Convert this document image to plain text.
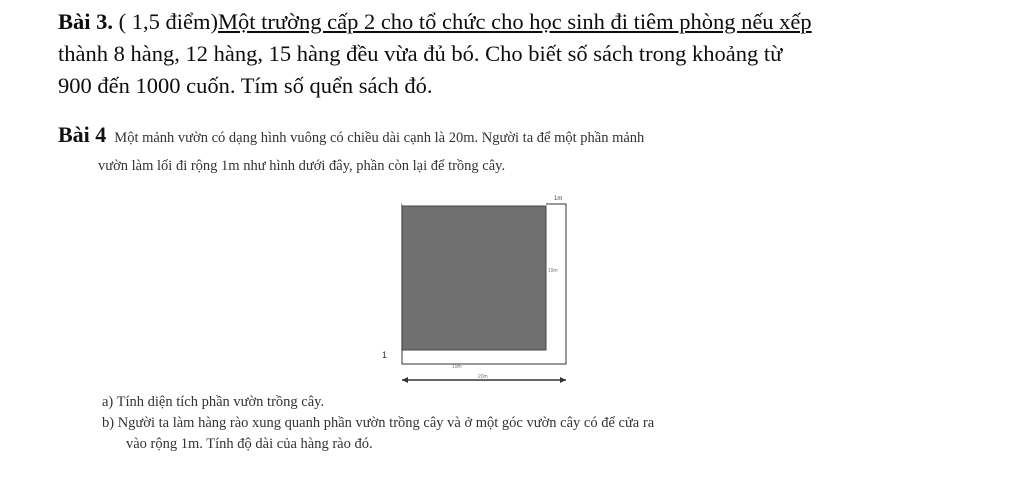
Bài 3. ( 1,5 điểm)Một trường cấp 2 cho tổ chức cho học sinh đi tiêm phòng nếu xếp
thành 8 hàng, 12 hàng, 15 hàng đều vừa đủ bó. Cho biết số sách trong khoảng từ
900 đến 1000 cuốn. Tím số quển sách đó.
Bài 4 Một mảnh vườn có dạng hình vuông có chiều dài cạnh là 20m. Người ta để một phần mảnh
vườn làm lối đi rộng 1m như hình dưới đây, phần còn lại để trồng cây.
1m
19m
1
19m
20m
a) Tính diện tích phần vườn trồng cây.
b) Người ta làm hàng rào xung quanh phần vườn trồng cây và ở một góc vườn cây có để cửa ra
vào rộng 1m. Tính độ dài của hàng rào đó.
